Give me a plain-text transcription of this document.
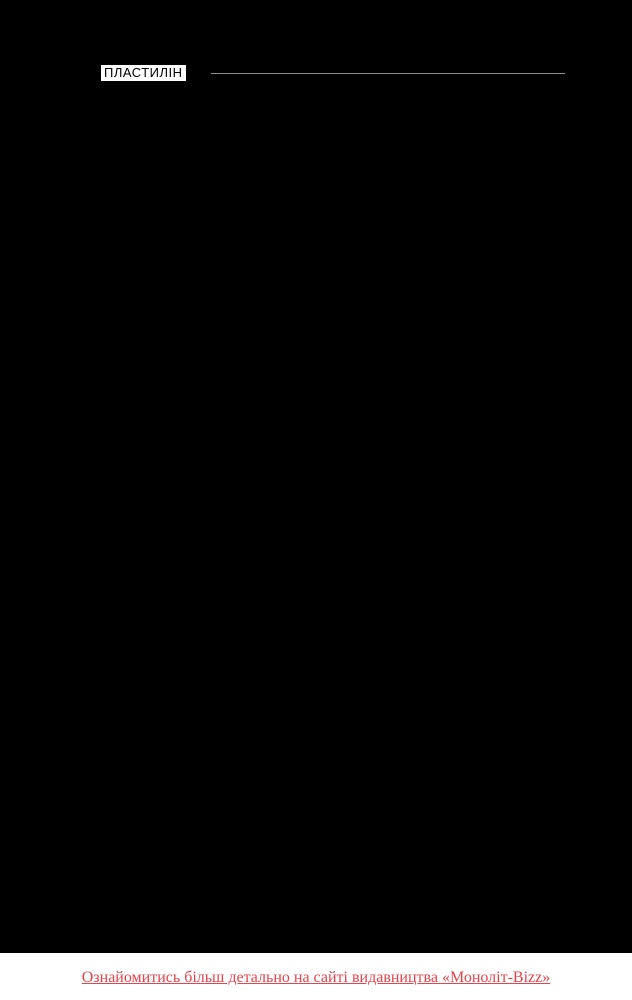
ПЛАСТИЛІН
Тим часом Кекс уже почав телефонувати до сво-
їх колишніх колег, з якими товаришував. Дзвінок
збивало ще до гудка. Хотілося вірити, що його но-
мер був внесений до чорних списків їхніх телефо-
нів. З іншого боку, закрадалася зловтіха: класно
було б, якби пульт згорів, вибухнув комп з архівом
і заготовками, а ще полетіли тюнери. Немає злого,
як кажуть, щоб на добре не вийшло. Мабуть, так
і сталося. Але раптом у животі неприємно похоло-
ло, аж до спазму – вони ж святкували День радіо!
Учора було шістнадцяте листопада – День пра-
цівників радіо, телебачення та зв'язку! А він забув
привітати друзів з колишньої роботи, то неодмін-
но треба зараз! Хоч навздогін! Він хаотично гортав
список набраних. Голова набрякала від безлічі ду-
мок, шквалу емоцій і перегару вчорашнього драйву,
в якому було все. Так, вони ж традиційно збирають-
ся на восьму вечора в кав'ярні «Гаун», а потім, після
двадцять третьої, йдуть добирати на офіс: зачиня-
ються в студії й там за довгим столом з вісьмома
мікрофонами продовжують «кураж-базар»... Блін!
24
Ознайомитись більш детально на сайті видавництва «Моноліт-Bizz»
